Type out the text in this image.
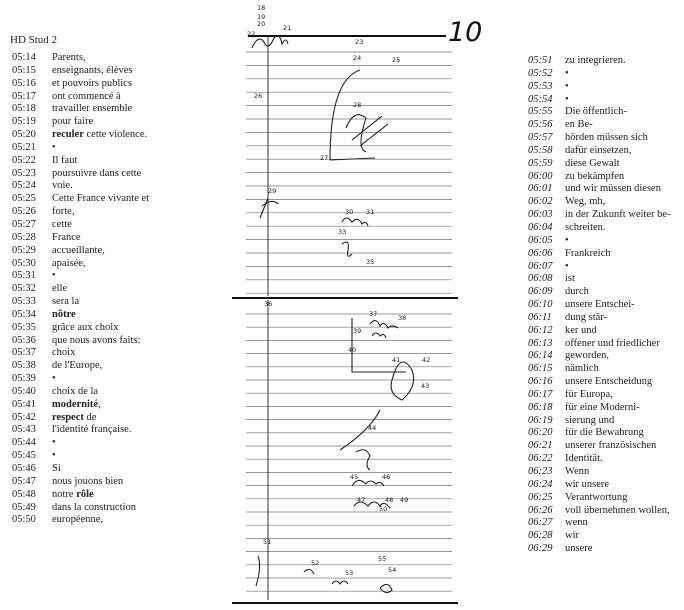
HD Stud 2
05:14	Parents,
05:15	enseignants, élèves
05:16	et pouvoirs publics
05:17	ont commencé à
05:18	travailler ensemble
05:19	pour faire
05:20	reculer cette violence.
05:21	•
05:22	Il faut
05:23	poursuivre dans cette
05:24	voie.
05:25	Cette France vivante et
05:26	forte,
05:27	cette
05:28	France
05:29	accueillante,
05:30	apaisée,
05:31	•
05:32	elle
05:33	sera la
05:34	nôtre
05:35	grâce aux choix
05:36	que nous avons faits:
05:37	choix
05:38	de l'Europe,
05:39	•
05:40	choix de la
05:41	modernité,
05:42	respect de
05:43	l'identité française.
05:44	•
05:45	•
05:46	Si
05:47	nous jouons bien
05:48	notre rôle
05:49	dans la construction
05:50	européenne,
05:51	zu integrieren.
05:52	•
05:53	•
05:54	•
05:55	Die öffentlich-
05:56	en Be-
05:57	hörden müssen sich
05:58	dafür einsetzen,
05:59	diese Gewalt
06:00	zu bekämpfen
06:01	und wir müssen diesen
06:02	Weg, mh,
06:03	in der Zukunft weiter be-
06:04	schreiten.
06:05	•
06:06	Frankreich
06:07	•
06:08	ist
06:09	durch
06:10	unsere Entschei-
06:11	dung stär-
06:12	ker und
06:13	offener und friedlicher
06:14	geworden,
06:15	nämlich
06:16	unsere Entscheidung
06:17	für Europa,
06:18	für eine Moderni-
06:19	sierung und
06:20	für die Bewahrung
06:21	unserer französischen
06:22	Identität.
06:23	Wenn
06:24	wir unsere
06:25	Verantwortung
06:26	voll übernehmen wollen,
06:27	wenn
06:28	wir
06:29	unsere
18
19
20	21
22
23
24	25
26
27
28
29
30 31
33
35
36
37	38
39
40
41	42
43
44
45	46
47	48 49
50
51
52
53	54
55
10
